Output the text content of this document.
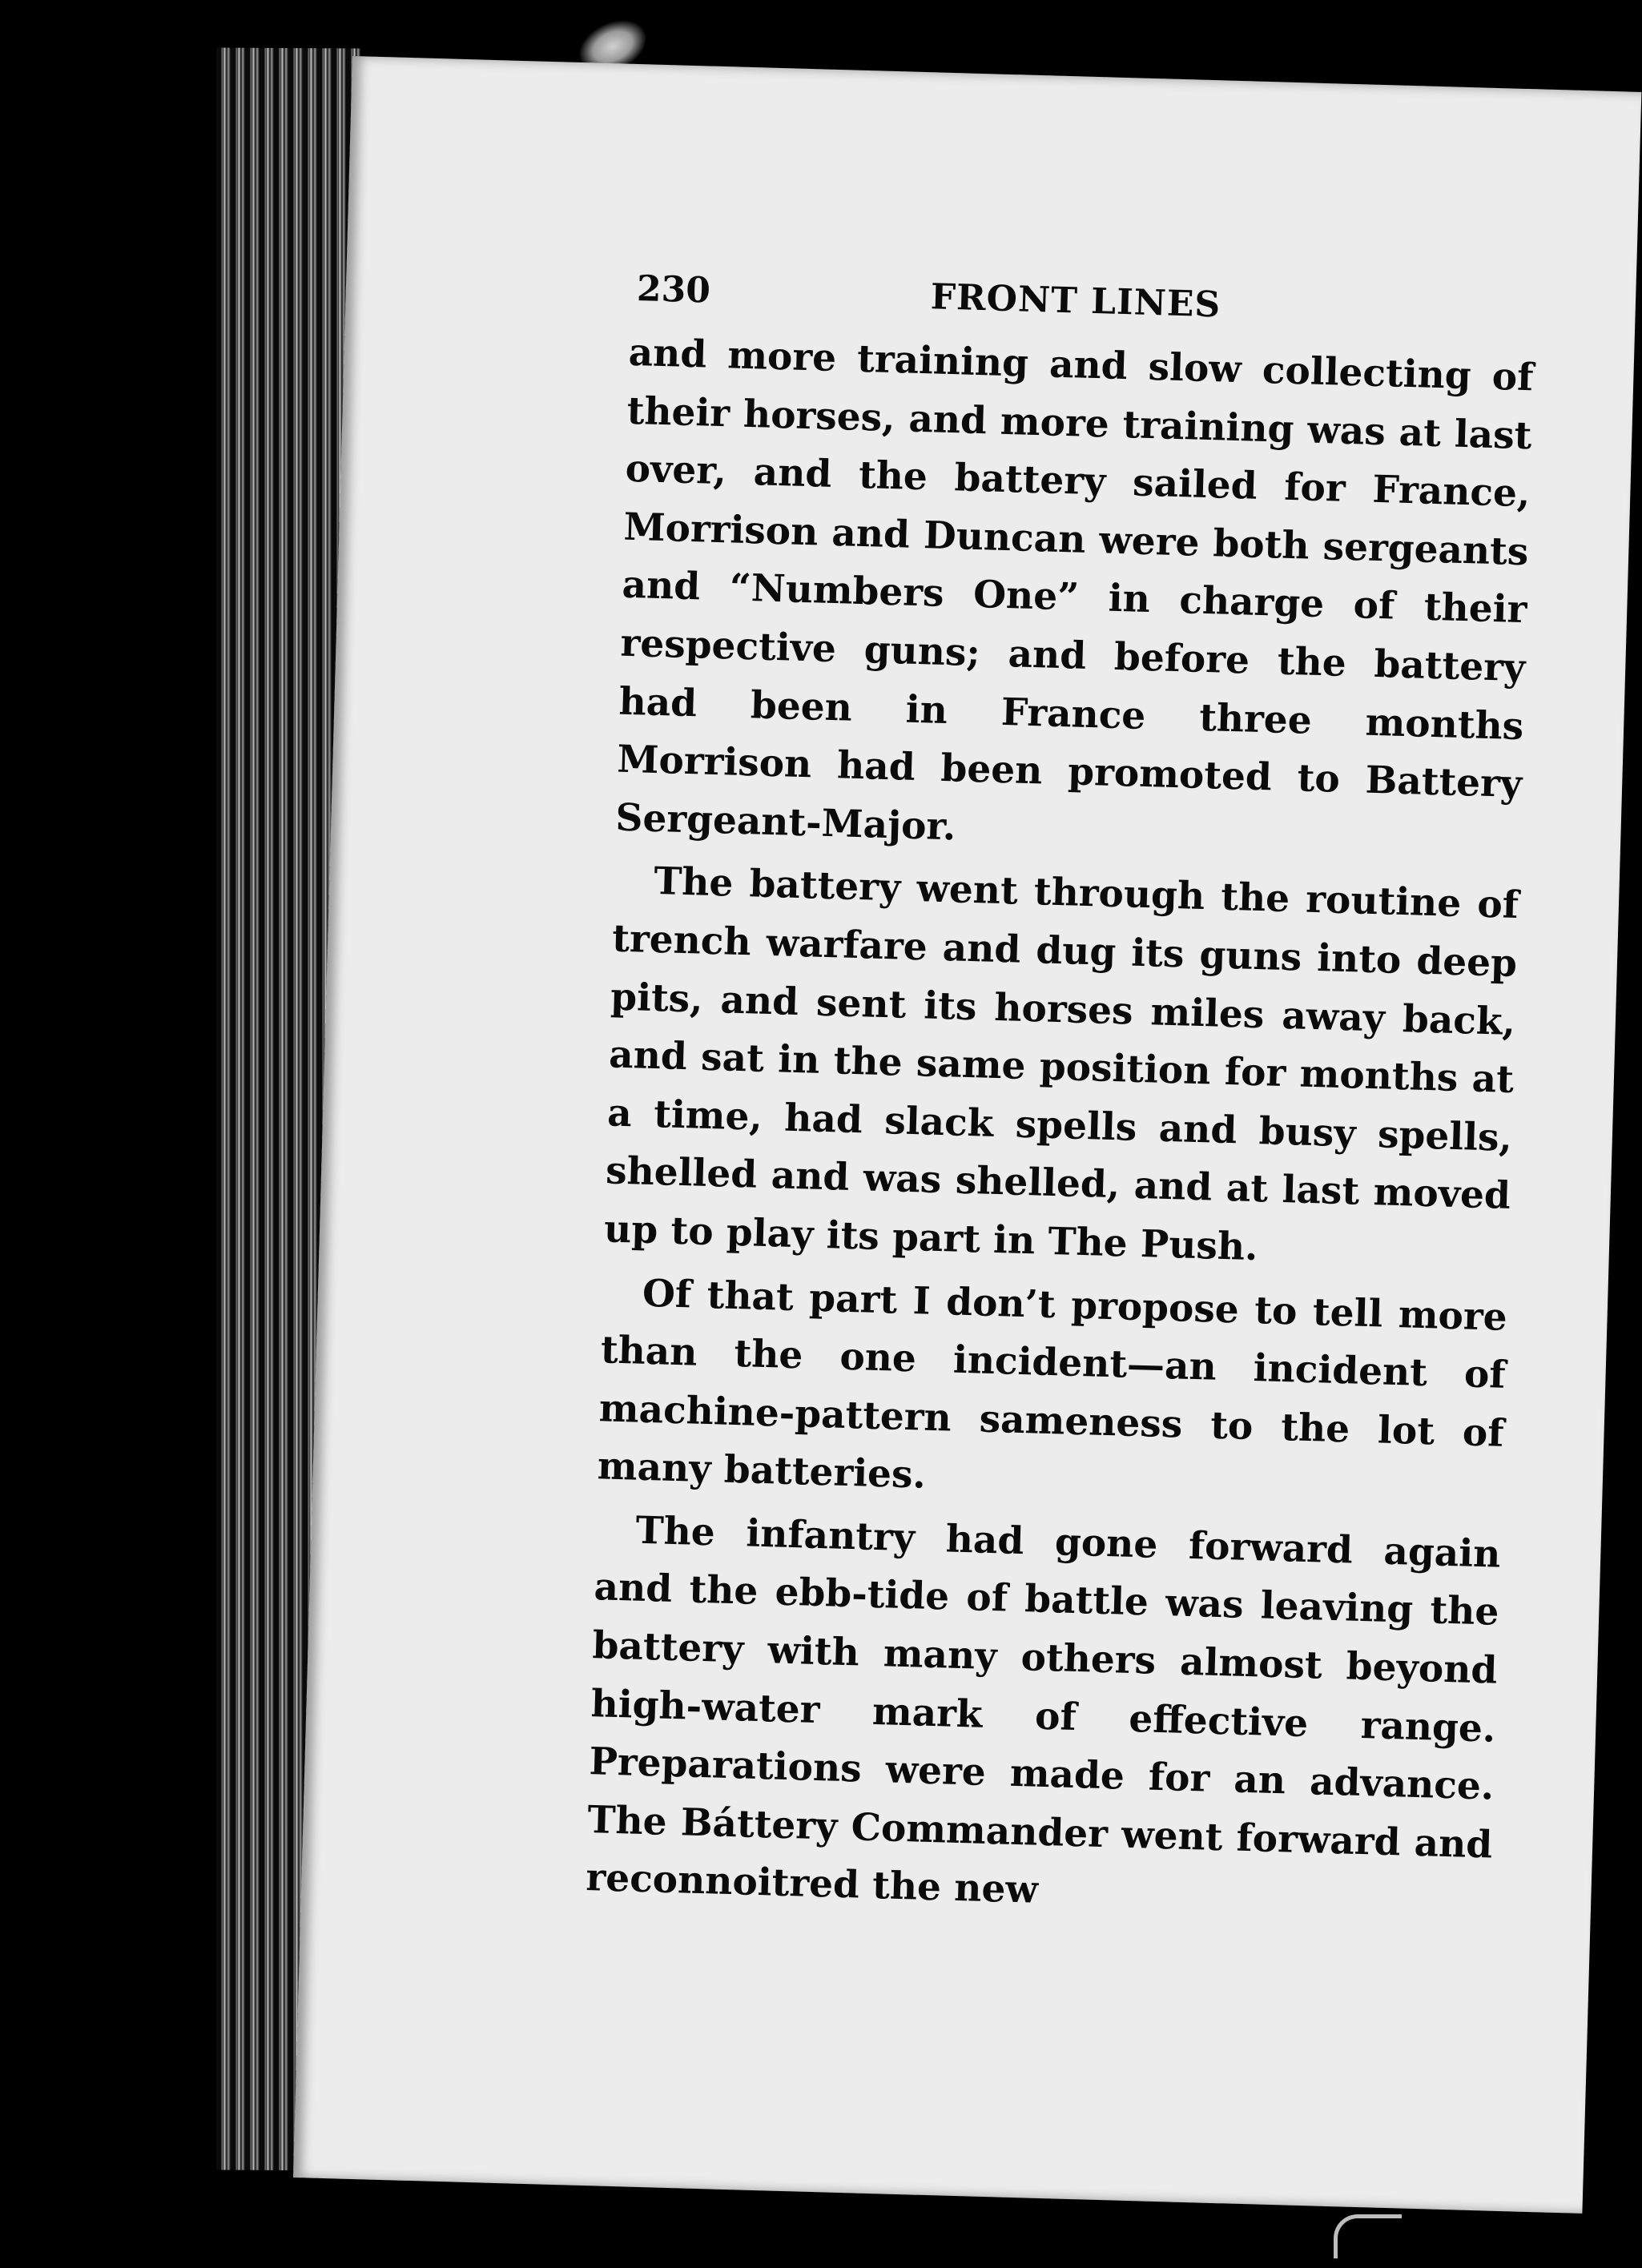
230	FRONT LINES

and more training and slow collecting of their horses, and more training was at last over, and the battery sailed for France, Morrison and Duncan were both sergeants and “Numbers One” in charge of their respective guns; and before the battery had been in France three months Morrison had been promoted to Battery Sergeant-Major.

The battery went through the routine of trench warfare and dug its guns into deep pits, and sent its horses miles away back, and sat in the same position for months at a time, had slack spells and busy spells, shelled and was shelled, and at last moved up to play its part in The Push.

Of that part I don’t propose to tell more than the one incident—an incident of machine-pattern sameness to the lot of many batteries.

The infantry had gone forward again and the ebb-tide of battle was leaving the battery with many others almost beyond high-water mark of effective range. Preparations were made for an advance. The Báttery Commander went forward and reconnoitred the new
